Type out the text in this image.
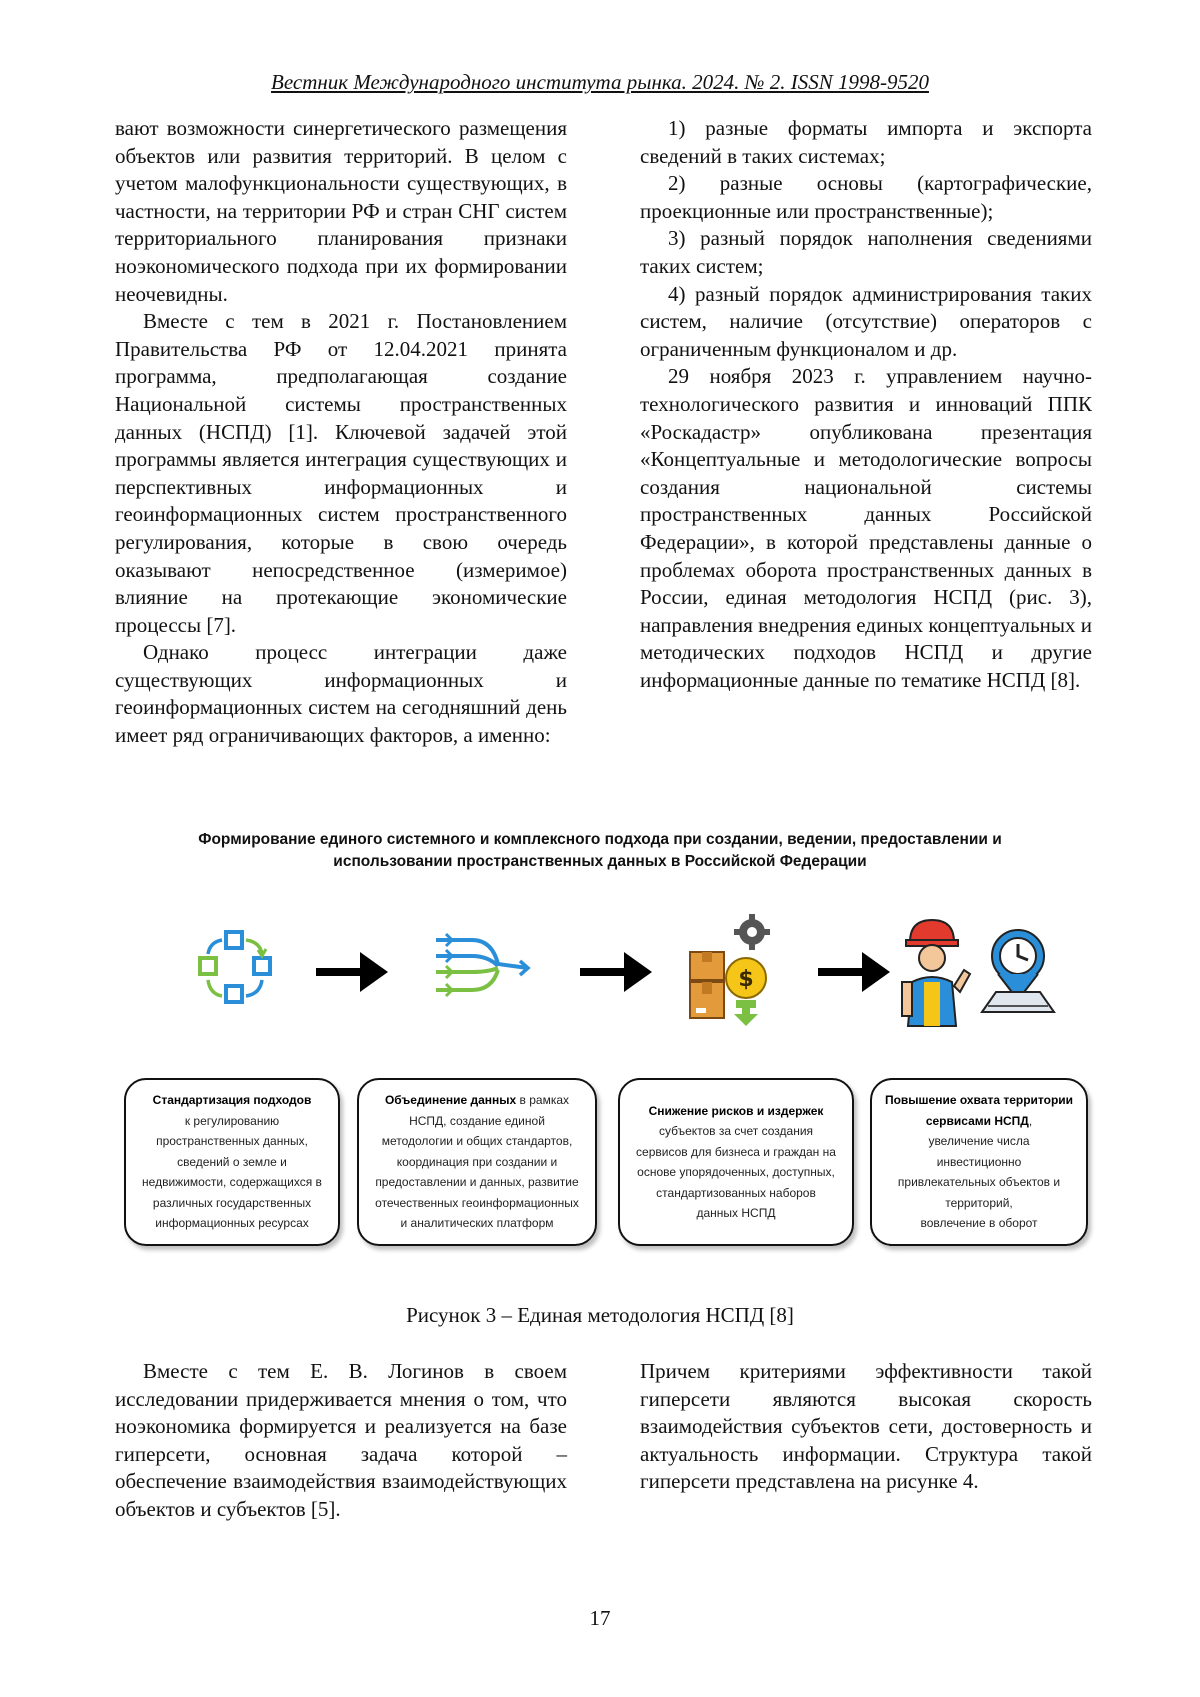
Вестник Международного института рынка. 2024. № 2. ISSN 1998-9520

вают возможности синергетического размещения объектов или развития территорий. В целом с учетом малофункциональности существующих, в частности, на территории РФ и стран СНГ систем территориального планирования признаки ноэкономического подхода при их формировании неочевидны.

Вместе с тем в 2021 г. Постановлением Правительства РФ от 12.04.2021 принята программа, предполагающая создание Национальной системы пространственных данных (НСПД) [1]. Ключевой задачей этой программы является интеграция существующих и перспективных информационных и геоинформационных систем пространственного регулирования, которые в свою очередь оказывают непосредственное (измеримое) влияние на протекающие экономические процессы [7].

Однако процесс интеграции даже существующих информационных и геоинформационных систем на сегодняшний день имеет ряд ограничивающих факторов, а именно:

1) разные форматы импорта и экспорта сведений в таких системах;

2) разные основы (картографические, проекционные или пространственные);

3) разный порядок наполнения сведениями таких систем;

4) разный порядок администрирования таких систем, наличие (отсутствие) операторов с ограниченным функционалом и др.

29 ноября 2023 г. управлением научно-технологического развития и инноваций ППК «Роскадастр» опубликована презентация «Концептуальные и методологические вопросы создания национальной системы пространственных данных Российской Федерации», в которой представлены данные о проблемах оборота пространственных данных в России, единая методология НСПД (рис. 3), направления внедрения единых концептуальных и методических подходов НСПД и другие информационные данные по тематике НСПД [8].

Формирование единого системного и комплексного подхода при создании, ведении, предоставлении и
использовании пространственных данных в Российской Федерации
$
Стандартизация подходов
к регулированию
пространственных данных,
сведений о земле и
недвижимости, содержащихся в
различных государственных
информационных ресурсах
Объединение данных в рамках
НСПД, создание единой
методологии и общих стандартов,
координация при создании и
предоставлении и данных, развитие
отечественных геоинформационных
и аналитических платформ
Снижение рисков и издержек
субъектов за счет создания
сервисов для бизнеса и граждан на
основе упорядоченных, доступных,
стандартизованных наборов
данных НСПД
Повышение охвата территории
сервисами НСПД,
увеличение числа
инвестиционно
привлекательных объектов и
территорий,
вовлечение в оборот
Рисунок 3 – Единая методология НСПД [8]

Вместе с тем Е. В. Логинов в своем исследовании придерживается мнения о том, что ноэкономика формируется и реализуется на базе гиперсети, основная задача которой – обеспечение взаимодействия взаимодействующих объектов и субъектов [5].

Причем критериями эффективности такой гиперсети являются высокая скорость взаимодействия субъектов сети, достоверность и актуальность информации. Структура такой гиперсети представлена на рисунке 4.

17
